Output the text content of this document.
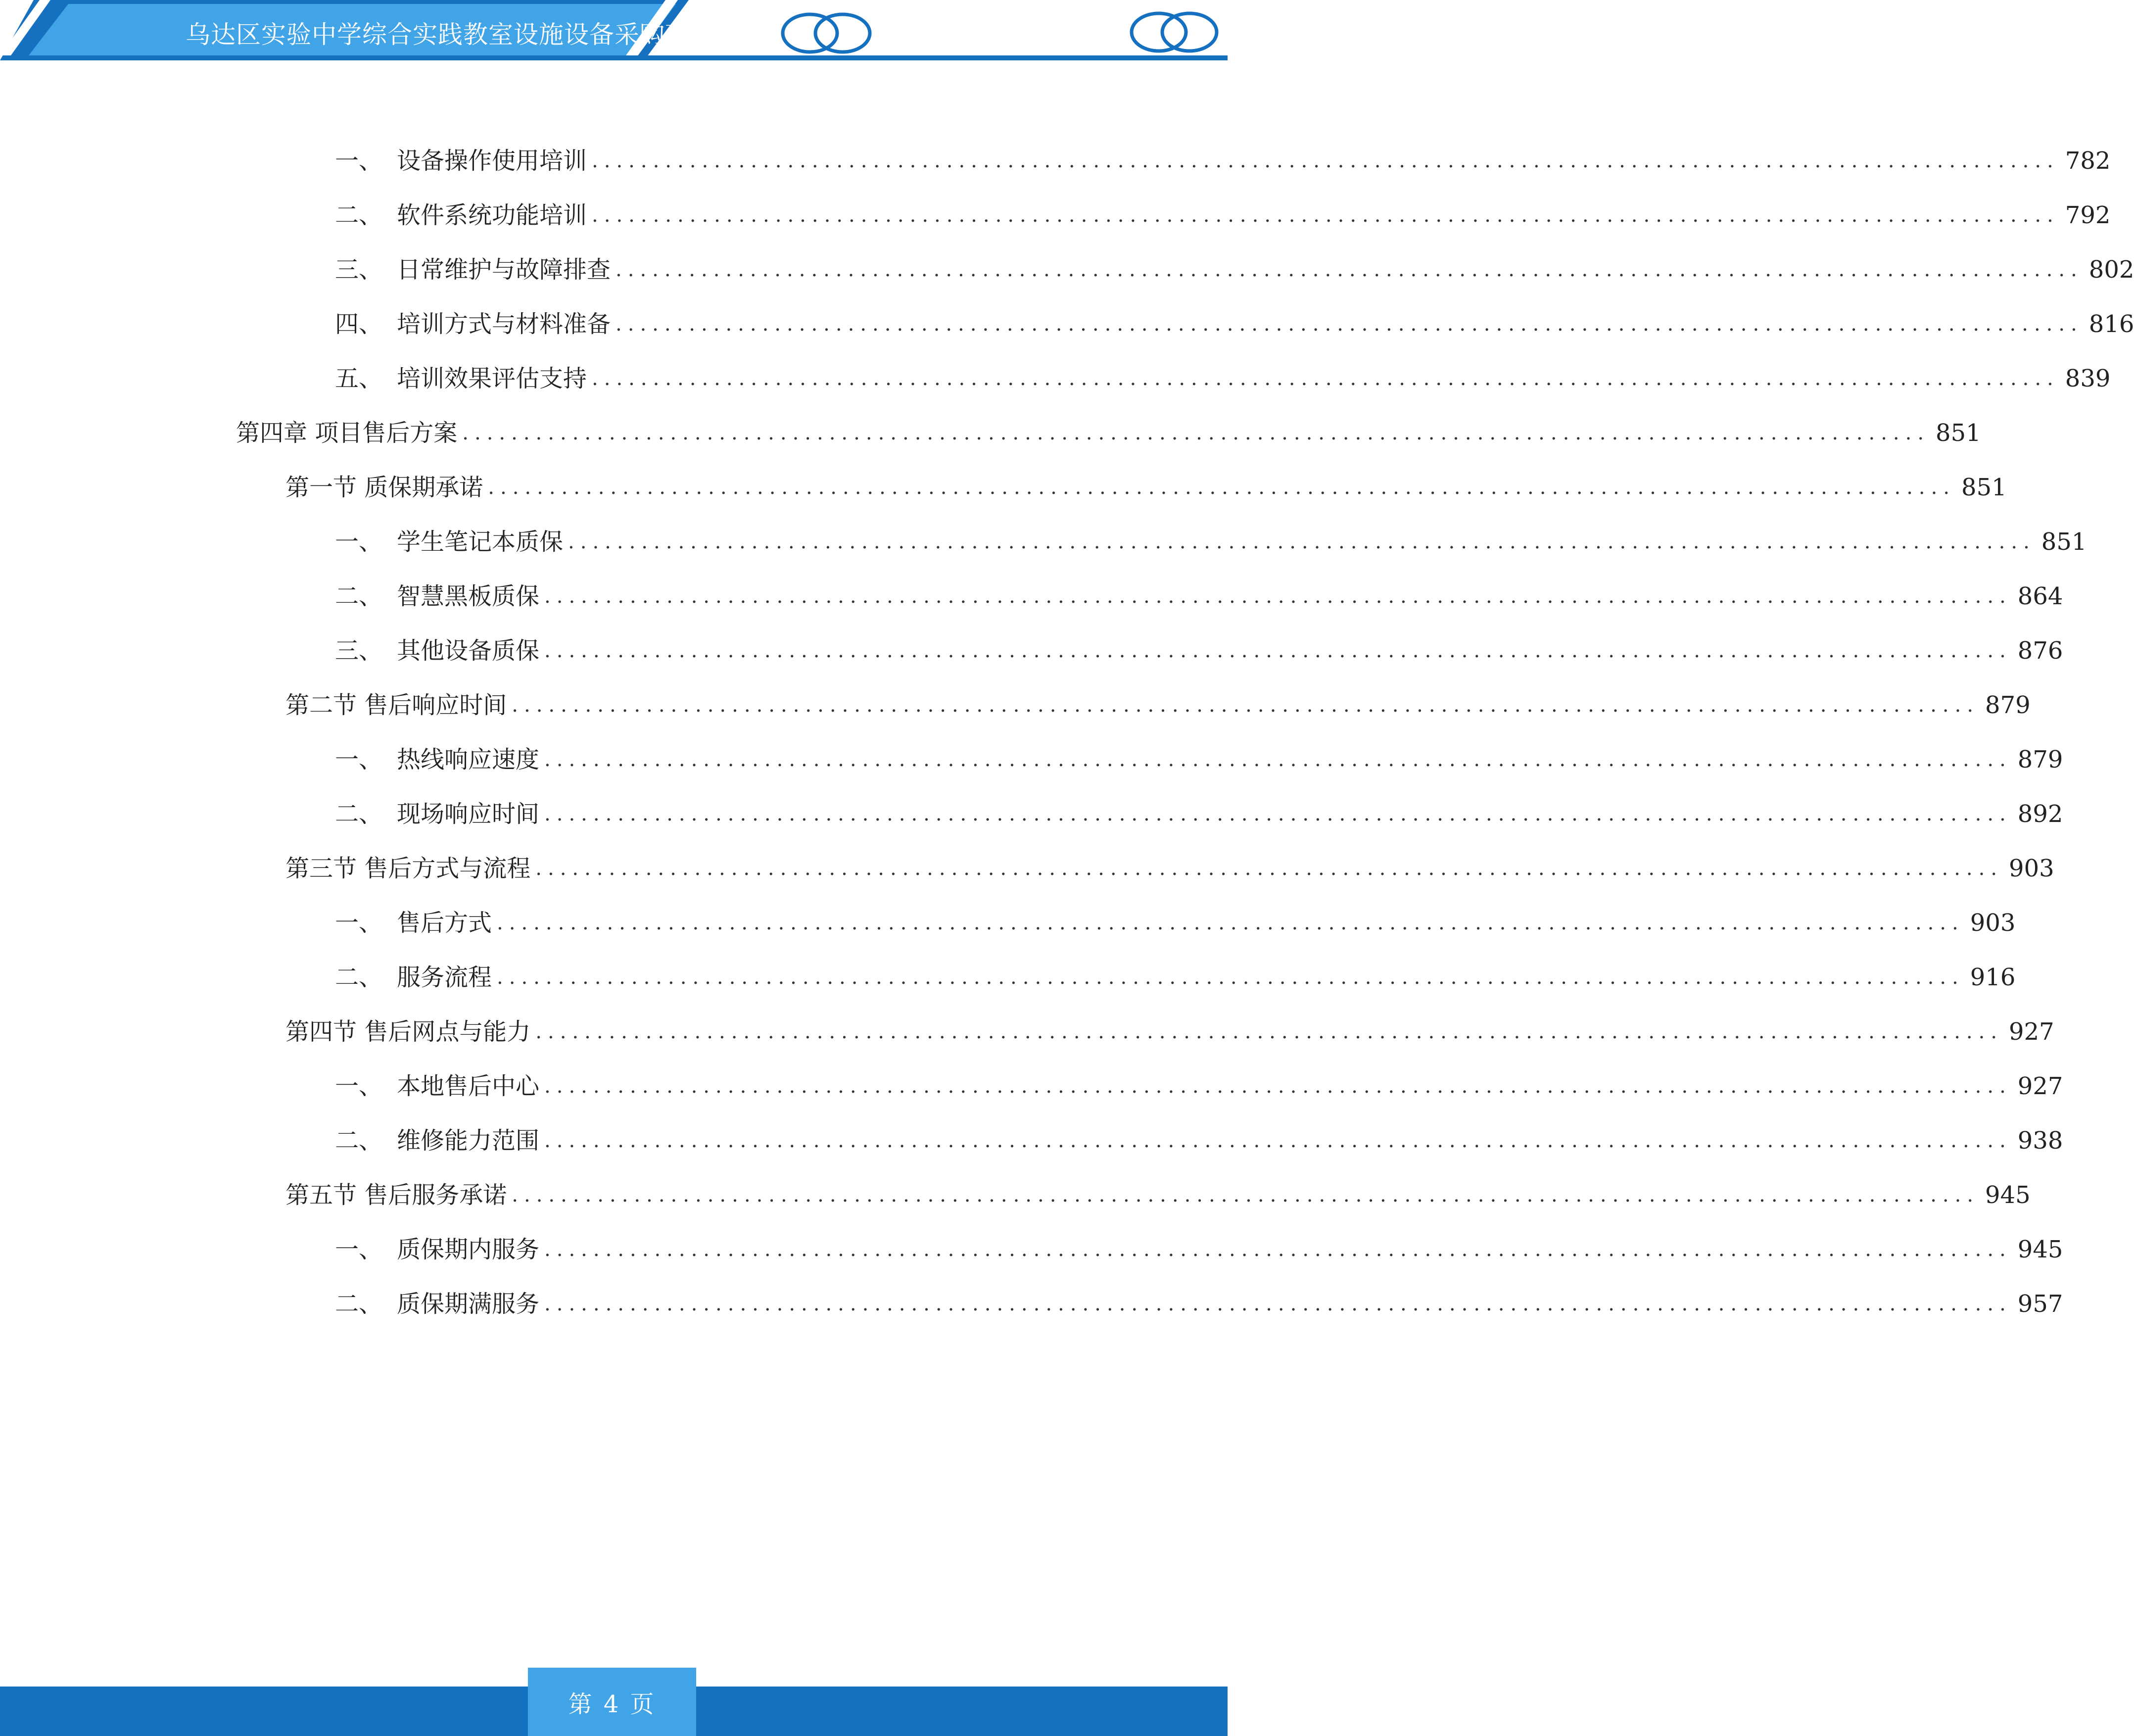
乌达区实验中学综合实践教室设施设备采购项目 投标文件
一、 设备操作使用培训 ........................................................................................................................ 782
二、 软件系统功能培训 ........................................................................................................................ 792
三、 日常维护与故障排查 ........................................................................................................................ 802
四、 培训方式与材料准备 ........................................................................................................................ 816
五、 培训效果评估支持 ........................................................................................................................ 839
第四章 项目售后方案 ........................................................................................................................ 851
第一节 质保期承诺 ........................................................................................................................ 851
一、 学生笔记本质保 ........................................................................................................................ 851
二、 智慧黑板质保 ........................................................................................................................ 864
三、 其他设备质保 ........................................................................................................................ 876
第二节 售后响应时间 ........................................................................................................................ 879
一、 热线响应速度 ........................................................................................................................ 879
二、 现场响应时间 ........................................................................................................................ 892
第三节 售后方式与流程 ........................................................................................................................ 903
一、 售后方式 ........................................................................................................................ 903
二、 服务流程 ........................................................................................................................ 916
第四节 售后网点与能力 ........................................................................................................................ 927
一、 本地售后中心 ........................................................................................................................ 927
二、 维修能力范围 ........................................................................................................................ 938
第五节 售后服务承诺 ........................................................................................................................ 945
一、 质保期内服务 ........................................................................................................................ 945
二、 质保期满服务 ........................................................................................................................ 957
第 4 页
